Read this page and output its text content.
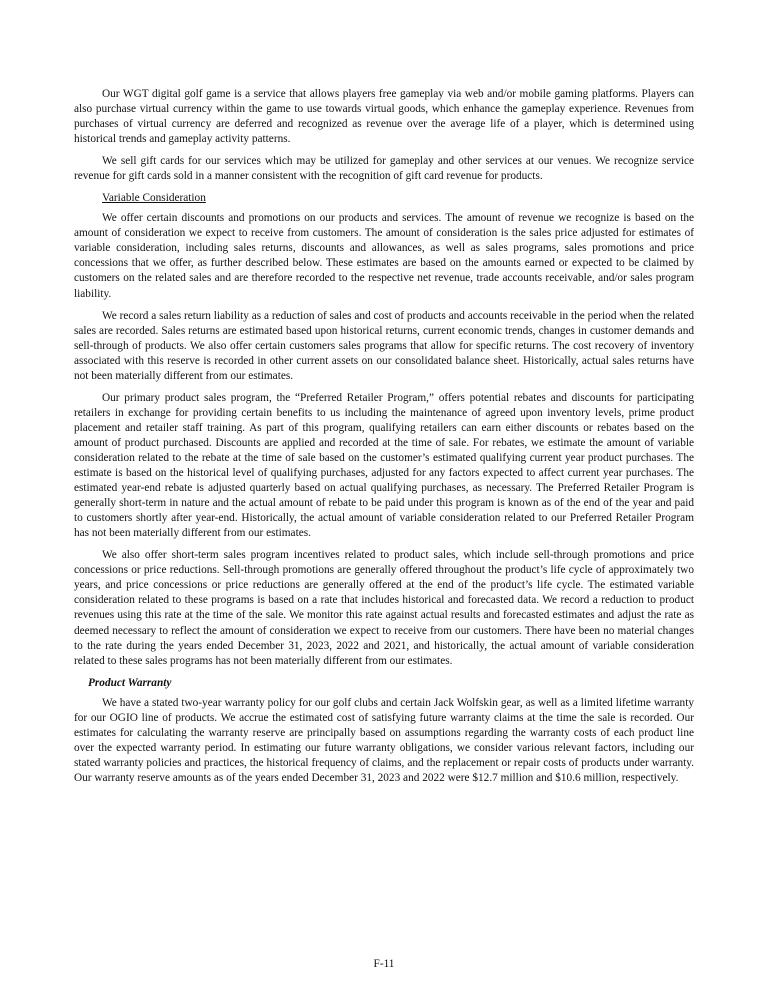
Our WGT digital golf game is a service that allows players free gameplay via web and/or mobile gaming platforms. Players can also purchase virtual currency within the game to use towards virtual goods, which enhance the gameplay experience. Revenues from purchases of virtual currency are deferred and recognized as revenue over the average life of a player, which is determined using historical trends and gameplay activity patterns.

We sell gift cards for our services which may be utilized for gameplay and other services at our venues. We recognize service revenue for gift cards sold in a manner consistent with the recognition of gift card revenue for products.

Variable Consideration

We offer certain discounts and promotions on our products and services. The amount of revenue we recognize is based on the amount of consideration we expect to receive from customers. The amount of consideration is the sales price adjusted for estimates of variable consideration, including sales returns, discounts and allowances, as well as sales programs, sales promotions and price concessions that we offer, as further described below. These estimates are based on the amounts earned or expected to be claimed by customers on the related sales and are therefore recorded to the respective net revenue, trade accounts receivable, and/or sales program liability.

We record a sales return liability as a reduction of sales and cost of products and accounts receivable in the period when the related sales are recorded. Sales returns are estimated based upon historical returns, current economic trends, changes in customer demands and sell-through of products. We also offer certain customers sales programs that allow for specific returns. The cost recovery of inventory associated with this reserve is recorded in other current assets on our consolidated balance sheet. Historically, actual sales returns have not been materially different from our estimates.

Our primary product sales program, the “Preferred Retailer Program,” offers potential rebates and discounts for participating retailers in exchange for providing certain benefits to us including the maintenance of agreed upon inventory levels, prime product placement and retailer staff training. As part of this program, qualifying retailers can earn either discounts or rebates based on the amount of product purchased. Discounts are applied and recorded at the time of sale. For rebates, we estimate the amount of variable consideration related to the rebate at the time of sale based on the customer’s estimated qualifying current year product purchases. The estimate is based on the historical level of qualifying purchases, adjusted for any factors expected to affect current year purchases. The estimated year-end rebate is adjusted quarterly based on actual qualifying purchases, as necessary. The Preferred Retailer Program is generally short-term in nature and the actual amount of rebate to be paid under this program is known as of the end of the year and paid to customers shortly after year-end. Historically, the actual amount of variable consideration related to our Preferred Retailer Program has not been materially different from our estimates.

We also offer short-term sales program incentives related to product sales, which include sell-through promotions and price concessions or price reductions. Sell-through promotions are generally offered throughout the product’s life cycle of approximately two years, and price concessions or price reductions are generally offered at the end of the product’s life cycle. The estimated variable consideration related to these programs is based on a rate that includes historical and forecasted data. We record a reduction to product revenues using this rate at the time of the sale. We monitor this rate against actual results and forecasted estimates and adjust the rate as deemed necessary to reflect the amount of consideration we expect to receive from our customers. There have been no material changes to the rate during the years ended December 31, 2023, 2022 and 2021, and historically, the actual amount of variable consideration related to these sales programs has not been materially different from our estimates.

Product Warranty

We have a stated two-year warranty policy for our golf clubs and certain Jack Wolfskin gear, as well as a limited lifetime warranty for our OGIO line of products. We accrue the estimated cost of satisfying future warranty claims at the time the sale is recorded. Our estimates for calculating the warranty reserve are principally based on assumptions regarding the warranty costs of each product line over the expected warranty period. In estimating our future warranty obligations, we consider various relevant factors, including our stated warranty policies and practices, the historical frequency of claims, and the replacement or repair costs of products under warranty. Our warranty reserve amounts as of the years ended December 31, 2023 and 2022 were $12.7 million and $10.6 million, respectively.

F-11
